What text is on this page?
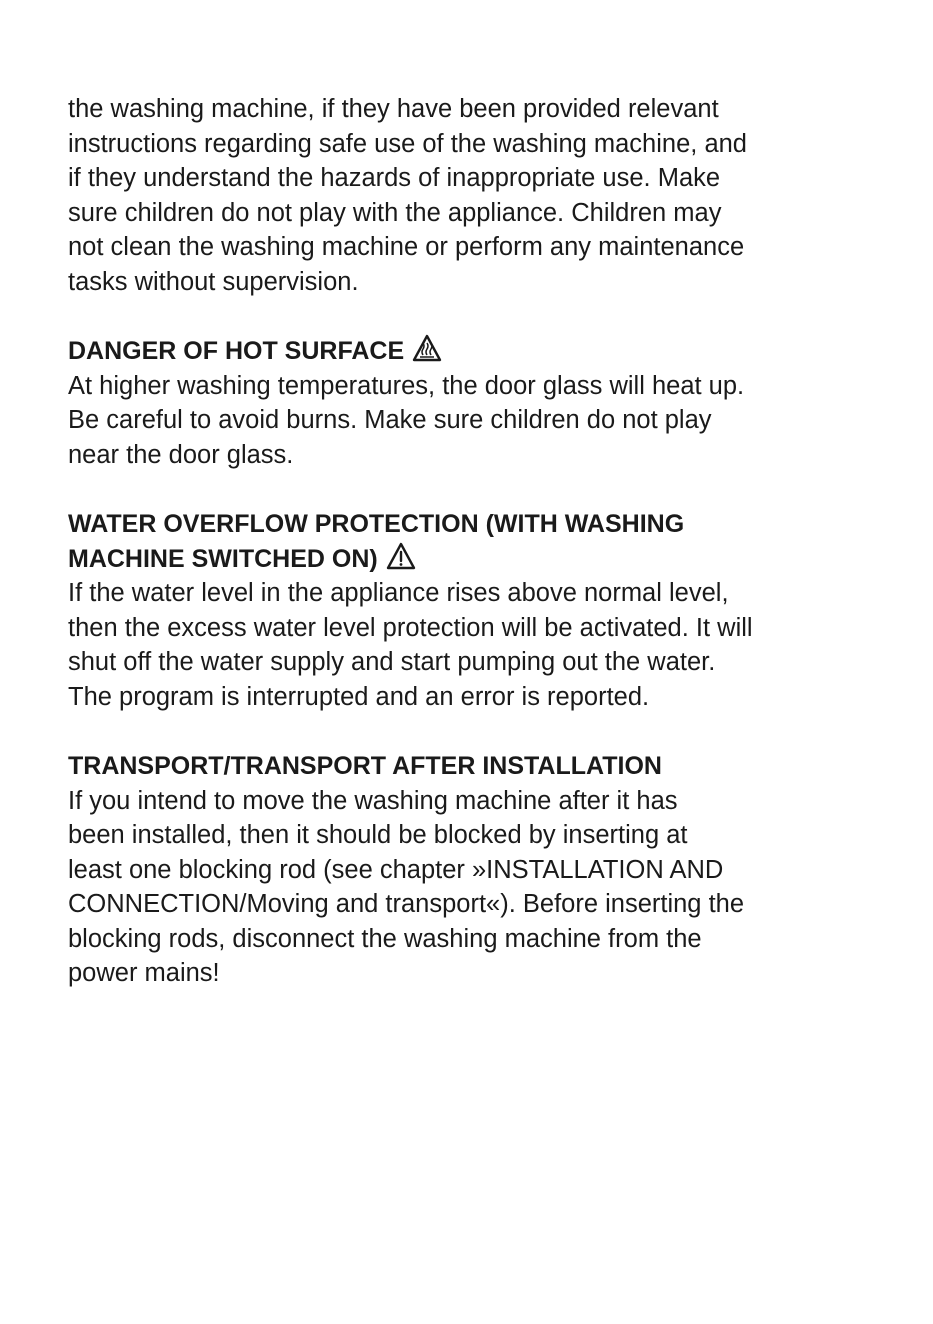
the washing machine, if they have been provided relevant
instructions regarding safe use of the washing machine, and
if they understand the hazards of inappropriate use. Make
sure children do not play with the appliance. Children may
not clean the washing machine or perform any maintenance
tasks without supervision.

DANGER OF HOT SURFACE

At higher washing temperatures, the door glass will heat up.
Be careful to avoid burns. Make sure children do not play
near the door glass.

WATER OVERFLOW PROTECTION (WITH WASHING

MACHINE SWITCHED ON)

If the water level in the appliance rises above normal level,
then the excess water level protection will be activated. It will
shut off the water supply and start pumping out the water.
The program is interrupted and an error is reported.

TRANSPORT/TRANSPORT AFTER INSTALLATION

If you intend to move the washing machine after it has
been installed, then it should be blocked by inserting at
least one blocking rod (see chapter »INSTALLATION AND
CONNECTION/Moving and transport«). Before inserting the
blocking rods, disconnect the washing machine from the
power mains!
